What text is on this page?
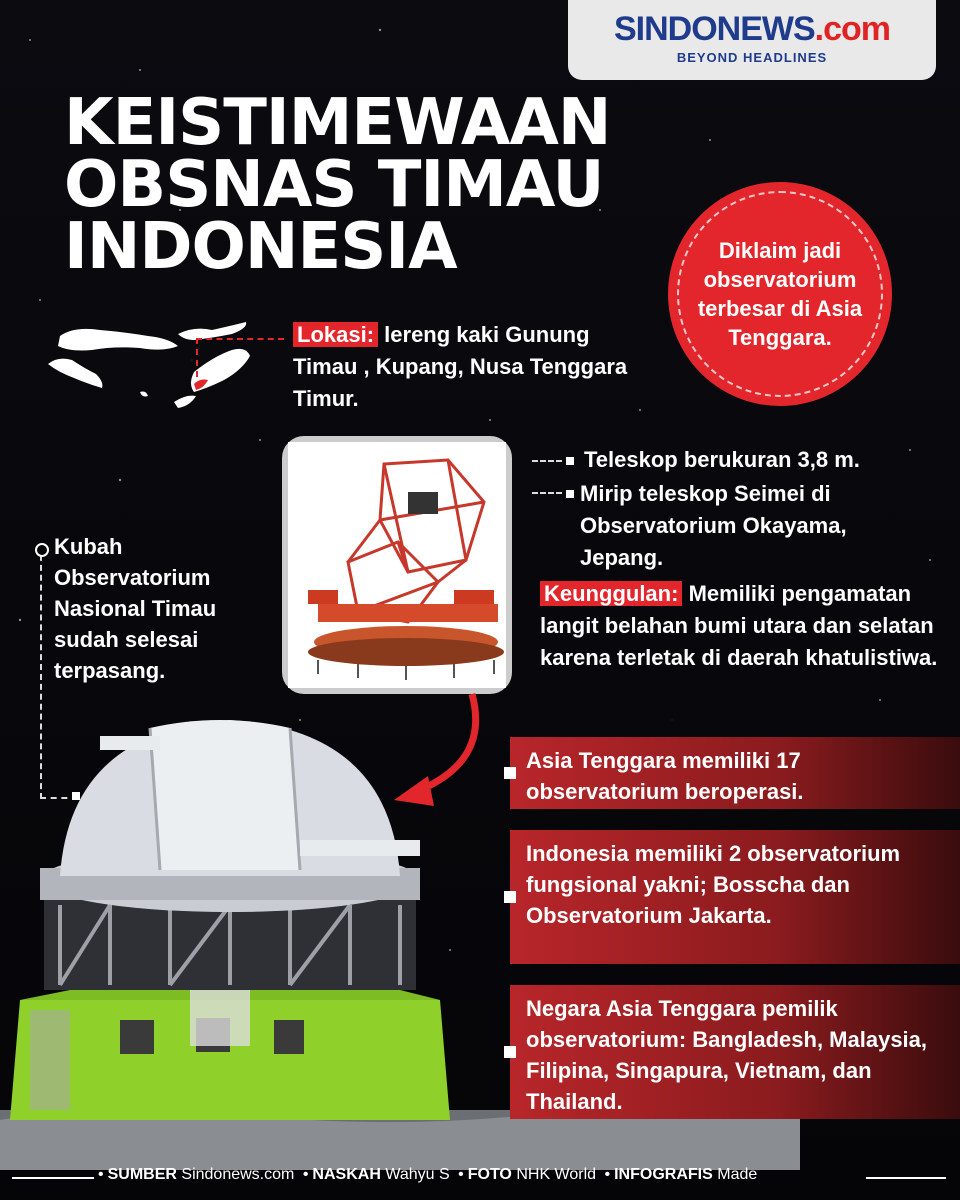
SINDONEWS.com
BEYOND HEADLINES
KEISTIMEWAAN
OBSNAS TIMAU
INDONESIA	Diklaim jadi observatorium terbesar di Asia Tenggara.
Lokasi: lereng kaki Gunung Timau , Kupang, Nusa Tenggara Timur.
Teleskop berukuran 3,8 m.
Mirip teleskop Seimei di Observatorium Okayama, Jepang.
Keunggulan: Memiliki pengamatan langit belahan bumi utara dan selatan karena terletak di daerah khatulistiwa.
Kubah Observatorium Nasional Timau sudah selesai terpasang.
Asia Tenggara memiliki 17 observatorium beroperasi.
Indonesia memiliki 2 observatorium fungsional yakni; Bosscha dan Observatorium Jakarta.
Negara Asia Tenggara pemilik observatorium: Bangladesh, Malaysia, Filipina, Singapura, Vietnam, dan Thailand.
• SUMBER Sindonews.com • NASKAH Wahyu S • FOTO NHK World • INFOGRAFIS Made
